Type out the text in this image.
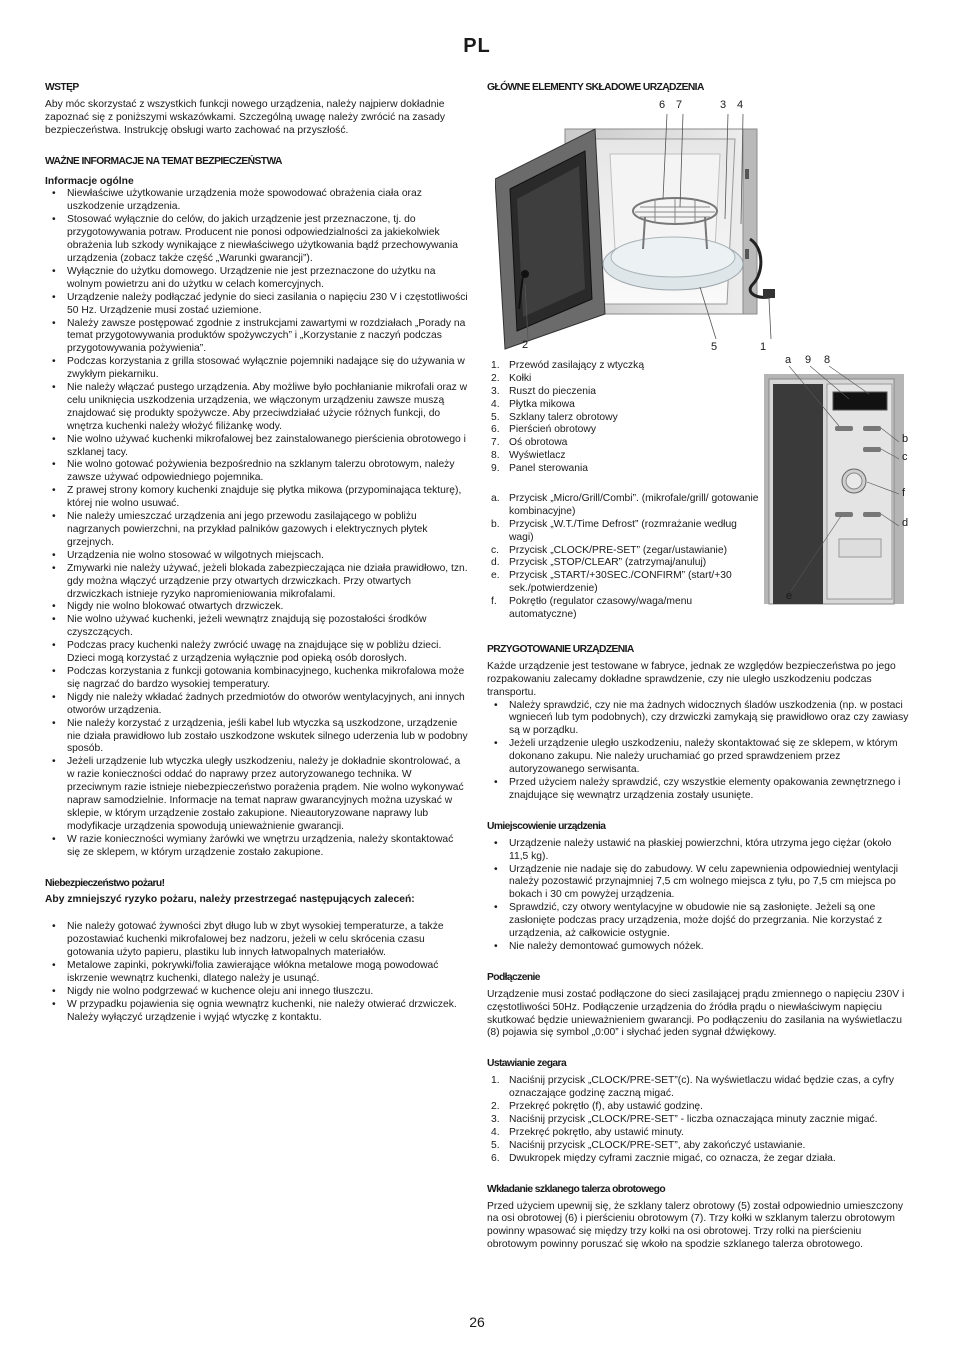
PL
WSTĘP

Aby móc skorzystać z wszystkich funkcji nowego urządzenia, należy najpierw dokładnie zapoznać się z poniższymi wskazówkami. Szczególną uwagę należy zwrócić na zasady bezpieczeństwa. Instrukcję obsługi warto zachować na przyszłość.

WAŻNE INFORMACJE NA TEMAT BEZPIECZEŃSTWA
Informacje ogólne
• Niewłaściwe użytkowanie urządzenia może spowodować obrażenia ciała oraz uszkodzenie urządzenia.
• Stosować wyłącznie do celów, do jakich urządzenie jest przeznaczone, tj. do przygotowywania potraw. Producent nie ponosi odpowiedzialności za jakiekolwiek obrażenia lub szkody wynikające z niewłaściwego użytkowania bądź przechowywania urządzenia (zobacz także część „Warunki gwarancji”).
• Wyłącznie do użytku domowego. Urządzenie nie jest przeznaczone do użytku na wolnym powietrzu ani do użytku w celach komercyjnych.
• Urządzenie należy podłączać jedynie do sieci zasilania o napięciu 230 V i częstotliwości 50 Hz. Urządzenie musi zostać uziemione.
• Należy zawsze postępować zgodnie z instrukcjami zawartymi w rozdziałach „Porady na temat przygotowywania produktów spożywczych” i „Korzystanie z naczyń podczas przygotowywania pożywienia”.
• Podczas korzystania z grilla stosować wyłącznie pojemniki nadające się do używania w zwykłym piekarniku.
• Nie należy włączać pustego urządzenia. Aby możliwe było pochłanianie mikrofali oraz w celu uniknięcia uszkodzenia urządzenia, we włączonym urządzeniu zawsze muszą znajdować się produkty spożywcze. Aby przeciwdziałać użycie różnych funkcji, do wnętrza kuchenki należy włożyć filiżankę wody.
• Nie wolno używać kuchenki mikrofalowej bez zainstalowanego pierścienia obrotowego i szklanej tacy.
• Nie wolno gotować pożywienia bezpośrednio na szklanym talerzu obrotowym, należy zawsze używać odpowiedniego pojemnika.
• Z prawej strony komory kuchenki znajduje się płytka mikowa (przypominająca tekturę), której nie wolno usuwać.
• Nie należy umieszczać urządzenia ani jego przewodu zasilającego w pobliżu nagrzanych powierzchni, na przykład palników gazowych i elektrycznych płytek grzejnych.
• Urządzenia nie wolno stosować w wilgotnych miejscach.
• Zmywarki nie należy używać, jeżeli blokada zabezpieczająca nie działa prawidłowo, tzn. gdy można włączyć urządzenie przy otwartych drzwiczkach. Przy otwartych drzwiczkach istnieje ryzyko napromieniowania mikrofalami.
• Nigdy nie wolno blokować otwartych drzwiczek.
• Nie wolno używać kuchenki, jeżeli wewnątrz znajdują się pozostałości środków czyszczących.
• Podczas pracy kuchenki należy zwrócić uwagę na znajdujące się w pobliżu dzieci. Dzieci mogą korzystać z urządzenia wyłącznie pod opieką osób dorosłych.
• Podczas korzystania z funkcji gotowania kombinacyjnego, kuchenka mikrofalowa może się nagrzać do bardzo wysokiej temperatury.
• Nigdy nie należy wkładać żadnych przedmiotów do otworów wentylacyjnych, ani innych otworów urządzenia.
• Nie należy korzystać z urządzenia, jeśli kabel lub wtyczka są uszkodzone, urządzenie nie działa prawidłowo lub zostało uszkodzone wskutek silnego uderzenia lub w podobny sposób.
• Jeżeli urządzenie lub wtyczka uległy uszkodzeniu, należy je dokładnie skontrolować, a w razie konieczności oddać do naprawy przez autoryzowanego technika. W przeciwnym razie istnieje niebezpieczeństwo porażenia prądem. Nie wolno wykonywać napraw samodzielnie. Informacje na temat napraw gwarancyjnych można uzyskać w sklepie, w którym urządzenie zostało zakupione. Nieautoryzowane naprawy lub modyfikacje urządzenia spowodują unieważnienie gwarancji.
• W razie konieczności wymiany żarówki we wnętrzu urządzenia, należy skontaktować się ze sklepem, w którym urządzenie zostało zakupione.
Niebezpieczeństwo pożaru!
Aby zmniejszyć ryzyko pożaru, należy przestrzegać następujących zaleceń:
• Nie należy gotować żywności zbyt długo lub w zbyt wysokiej temperaturze, a także pozostawiać kuchenki mikrofalowej bez nadzoru, jeżeli w celu skrócenia czasu gotowania użyto papieru, plastiku lub innych łatwopalnych materiałów.
• Metalowe zapinki, pokrywki/folia zawierające włókna metalowe mogą powodować iskrzenie wewnątrz kuchenki, dlatego należy je usunąć.
• Nigdy nie wolno podgrzewać w kuchence oleju ani innego tłuszczu.
• W przypadku pojawienia się ognia wewnątrz kuchenki, nie należy otwierać drzwiczek. Należy wyłączyć urządzenie i wyjąć wtyczkę z kontaktu.
GŁÓWNE ELEMENTY SKŁADOWE URZĄDZENIA
6 7	3 4
2	5	1
1. Przewód zasilający z wtyczką
2. Kołki
3. Ruszt do pieczenia
4. Płytka mikowa
5. Szklany talerz obrotowy
6. Pierścień obrotowy
7. Oś obrotowa
8. Wyświetlacz
9. Panel sterowania
a. Przycisk „Micro/Grill/Combi”. (mikrofale/grill/ gotowanie kombinacyjne)
b. Przycisk „W.T./Time Defrost” (rozmrażanie według wagi)
c. Przycisk „CLOCK/PRE-SET” (zegar/ustawianie)
d. Przycisk „STOP/CLEAR” (zatrzymaj/anuluj)
e. Przycisk „START/+30SEC./CONFIRM” (start/+30 sek./potwierdzenie)
f. Pokrętło (regulator czasowy/waga/menu automatyczne)
a 9 8
b
c
f
d
e
PRZYGOTOWANIE URZĄDZENIA

Każde urządzenie jest testowane w fabryce, jednak ze względów bezpieczeństwa po jego rozpakowaniu zalecamy dokładne sprawdzenie, czy nie uległo uszkodzeniu podczas transportu.

• Należy sprawdzić, czy nie ma żadnych widocznych śladów uszkodzenia (np. w postaci wgnieceń lub tym podobnych), czy drzwiczki zamykają się prawidłowo oraz czy zawiasy są w porządku.
• Jeżeli urządzenie uległo uszkodzeniu, należy skontaktować się ze sklepem, w którym dokonano zakupu. Nie należy uruchamiać go przed sprawdzeniem przez autoryzowanego serwisanta.
• Przed użyciem należy sprawdzić, czy wszystkie elementy opakowania zewnętrznego i znajdujące się wewnątrz urządzenia zostały usunięte.
Umiejscowienie urządzenia
• Urządzenie należy ustawić na płaskiej powierzchni, która utrzyma jego ciężar (około 11,5 kg).
• Urządzenie nie nadaje się do zabudowy. W celu zapewnienia odpowiedniej wentylacji należy pozostawić przynajmniej 7,5 cm wolnego miejsca z tyłu, po 7,5 cm miejsca po bokach i 30 cm powyżej urządzenia.
• Sprawdzić, czy otwory wentylacyjne w obudowie nie są zasłonięte. Jeżeli są one zasłonięte podczas pracy urządzenia, może dojść do przegrzania. Nie korzystać z urządzenia, aż całkowicie ostygnie.
• Nie należy demontować gumowych nóżek.
Podłączenie

Urządzenie musi zostać podłączone do sieci zasilającej prądu zmiennego o napięciu 230V i częstotliwości 50Hz. Podłączenie urządzenia do źródła prądu o niewłaściwym napięciu skutkować będzie unieważnieniem gwarancji. Po podłączeniu do zasilania na wyświetlaczu (8) pojawia się symbol „0:00” i słychać jeden sygnał dźwiękowy.

Ustawianie zegara
1. Naciśnij przycisk „CLOCK/PRE-SET”(c). Na wyświetlaczu widać będzie czas, a cyfry oznaczające godzinę zaczną migać.
2. Przekręć pokrętło (f), aby ustawić godzinę.
3. Naciśnij przycisk „CLOCK/PRE-SET” - liczba oznaczająca minuty zacznie migać.
4. Przekręć pokrętło, aby ustawić minuty.
5. Naciśnij przycisk „CLOCK/PRE-SET”, aby zakończyć ustawianie.
6. Dwukropek między cyframi zacznie migać, co oznacza, że zegar działa.
Wkładanie szklanego talerza obrotowego

Przed użyciem upewnij się, że szklany talerz obrotowy (5) został odpowiednio umieszczony na osi obrotowej (6) i pierścieniu obrotowym (7). Trzy kołki w szklanym talerzu obrotowym powinny wpasować się między trzy kołki na osi obrotowej. Trzy rolki na pierścieniu obrotowym powinny poruszać się wkoło na spodzie szklanego talerza obrotowego.

26
